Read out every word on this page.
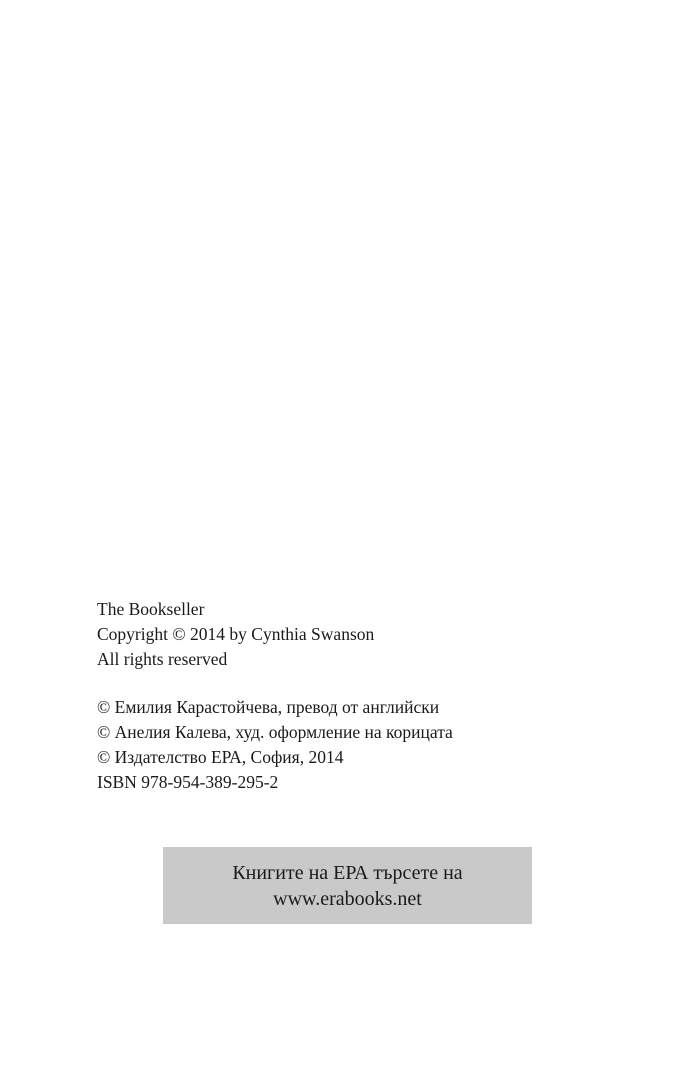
The Bookseller
Copyright © 2014 by Cynthia Swanson
All rights reserved
© Емилия Карастойчева, превод от английски
© Анелия Калева, худ. оформление на корицата
© Издателство ЕРА, София, 2014
ISBN 978-954-389-295-2
Книгите на ЕРА търсете на
www.erabooks.net
